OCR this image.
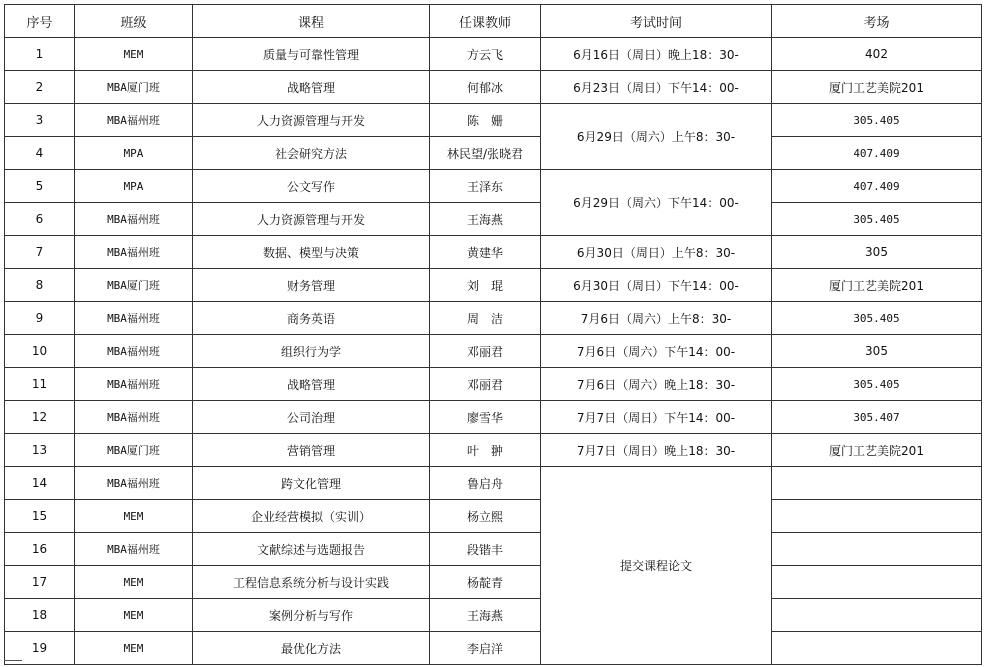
序号	班级	课程	任课教师	考试时间	考场
1	MEM	质量与可靠性管理	方云飞	6月16日（周日）晚上18：30-	402
2	MBA厦门班	战略管理	何郁冰	6月23日（周日）下午14：00-	厦门工艺美院201
3	MBA福州班	人力资源管理与开发	陈　姗	6月29日（周六）上午8：30-	305.405
4	MPA	社会研究方法	林民望/张晓君		407.409
5	MPA	公文写作	王泽东	6月29日（周六）下午14：00-	407.409
6	MBA福州班	人力资源管理与开发	王海燕		305.405
7	MBA福州班	数据、模型与决策	黄建华	6月30日（周日）上午8：30-	305
8	MBA厦门班	财务管理	刘　琨	6月30日（周日）下午14：00-	厦门工艺美院201
9	MBA福州班	商务英语	周　洁	7月6日（周六）上午8：30-	305.405
10	MBA福州班	组织行为学	邓丽君	7月6日（周六）下午14：00-	305
11	MBA福州班	战略管理	邓丽君	7月6日（周六）晚上18：30-	305.405
12	MBA福州班	公司治理	廖雪华	7月7日（周日）下午14：00-	305.407
13	MBA厦门班	营销管理	叶　翀	7月7日（周日）晚上18：30-	厦门工艺美院201
14	MBA福州班	跨文化管理	鲁启舟	提交课程论文	
15	MEM	企业经营模拟（实训）	杨立熙		
16	MBA福州班	文献综述与选题报告	段锴丰		
17	MEM	工程信息系统分析与设计实践	杨靛青		
18	MEM	案例分析与写作	王海燕		
19	MEM	最优化方法	李启洋		
